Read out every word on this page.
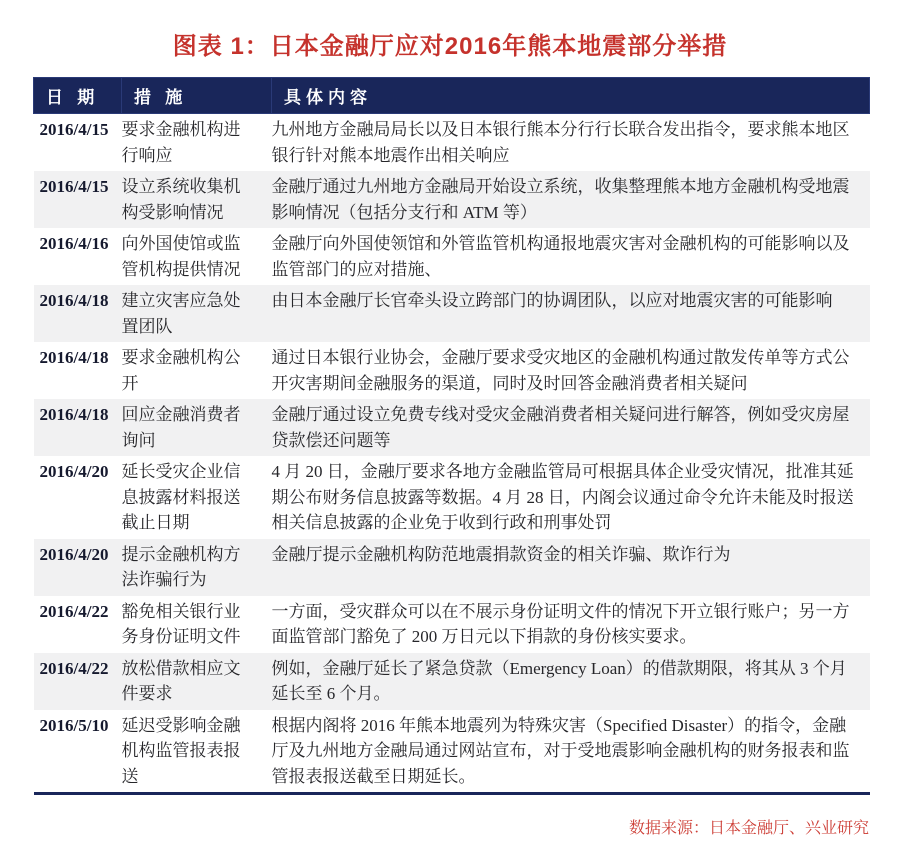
图表 1：日本金融厅应对2016年熊本地震部分举措
日 期	措 施	具体内容
2016/4/15	要求金融机构进行响应	九州地方金融局局长以及日本银行熊本分行行长联合发出指令，要求熊本地区银行针对熊本地震作出相关响应
2016/4/15	设立系统收集机构受影响情况	金融厅通过九州地方金融局开始设立系统，收集整理熊本地方金融机构受地震影响情况（包括分支行和 ATM 等）
2016/4/16	向外国使馆或监管机构提供情况	金融厅向外国使领馆和外管监管机构通报地震灾害对金融机构的可能影响以及监管部门的应对措施、
2016/4/18	建立灾害应急处置团队	由日本金融厅长官牵头设立跨部门的协调团队，以应对地震灾害的可能影响
2016/4/18	要求金融机构公开	通过日本银行业协会，金融厅要求受灾地区的金融机构通过散发传单等方式公开灾害期间金融服务的渠道，同时及时回答金融消费者相关疑问
2016/4/18	回应金融消费者询问	金融厅通过设立免费专线对受灾金融消费者相关疑问进行解答，例如受灾房屋贷款偿还问题等
2016/4/20	延长受灾企业信息披露材料报送截止日期	4 月 20 日，金融厅要求各地方金融监管局可根据具体企业受灾情况，批准其延期公布财务信息披露等数据。4 月 28 日，内阁会议通过命令允许未能及时报送相关信息披露的企业免于收到行政和刑事处罚
2016/4/20	提示金融机构方法诈骗行为	金融厅提示金融机构防范地震捐款资金的相关诈骗、欺诈行为
2016/4/22	豁免相关银行业务身份证明文件	一方面，受灾群众可以在不展示身份证明文件的情况下开立银行账户；另一方面监管部门豁免了 200 万日元以下捐款的身份核实要求。
2016/4/22	放松借款相应文件要求	例如，金融厅延长了紧急贷款（Emergency Loan）的借款期限，将其从 3 个月延长至 6 个月。
2016/5/10	延迟受影响金融机构监管报表报送	根据内阁将 2016 年熊本地震列为特殊灾害（Specified Disaster）的指令，金融厅及九州地方金融局通过网站宣布，对于受地震影响金融机构的财务报表和监管报表报送截至日期延长。
数据来源：日本金融厅、兴业研究
